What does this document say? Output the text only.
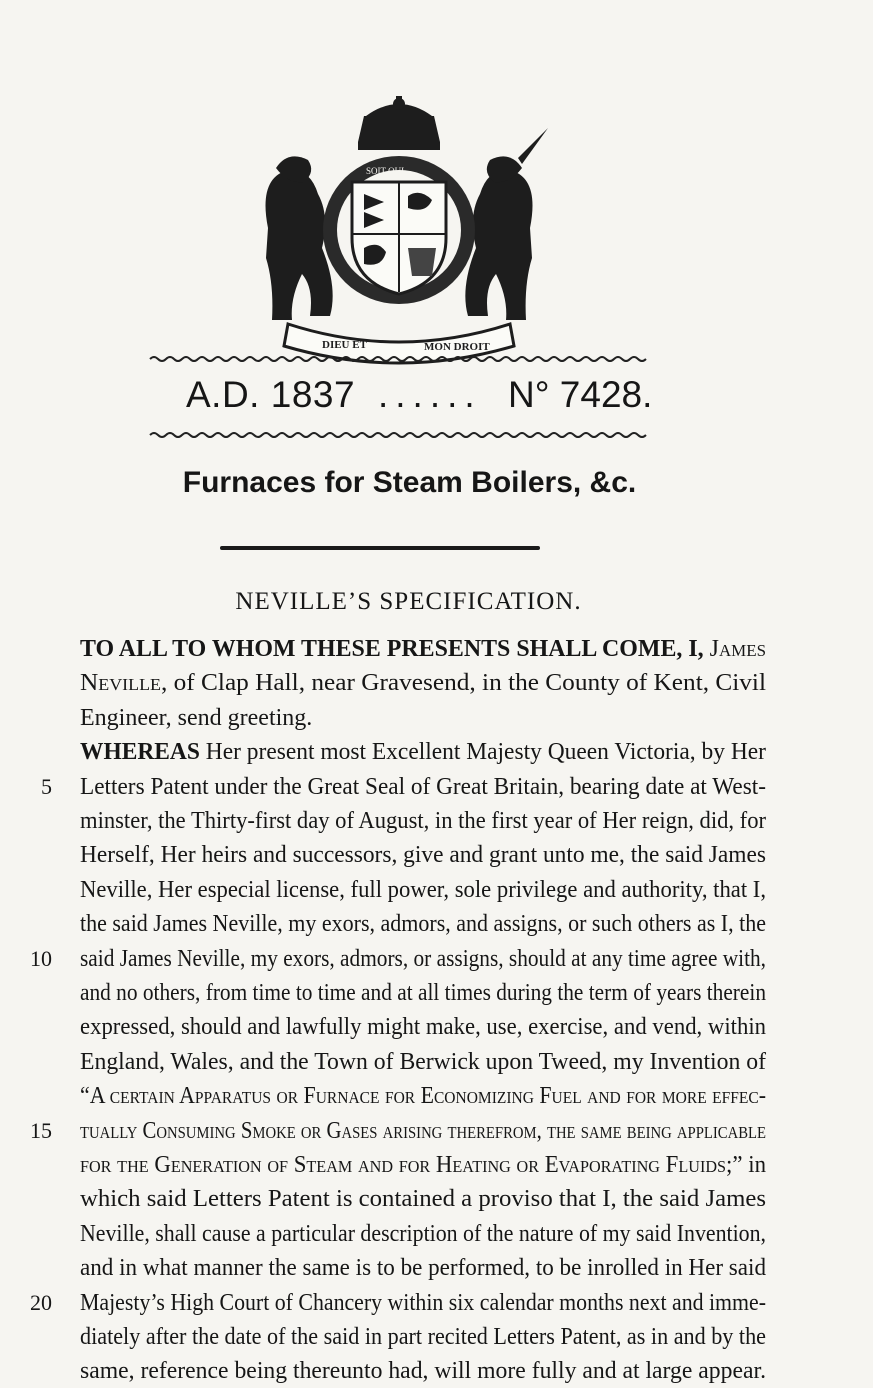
DIEU ET	MON DROIT
SOIT QUI
A.D. 1837 ...... N° 7428.
Furnaces for Steam Boilers, &c.
NEVILLE’S SPECIFICATION.
TO ALL TO WHOM THESE PRESENTS SHALL COME, I, James
Neville, of Clap Hall, near Gravesend, in the County of Kent, Civil
Engineer, send greeting.
WHEREAS Her present most Excellent Majesty Queen Victoria, by Her
5 Letters Patent under the Great Seal of Great Britain, bearing date at West-
minster, the Thirty-first day of August, in the first year of Her reign, did, for
Herself, Her heirs and successors, give and grant unto me, the said James
Neville, Her especial license, full power, sole privilege and authority, that I,
the said James Neville, my exors, admors, and assigns, or such others as I, the
10 said James Neville, my exors, admors, or assigns, should at any time agree with,
and no others, from time to time and at all times during the term of years therein
expressed, should and lawfully might make, use, exercise, and vend, within
England, Wales, and the Town of Berwick upon Tweed, my Invention of
“A certain Apparatus or Furnace for Economizing Fuel and for more effec-
15 tually Consuming Smoke or Gases arising therefrom, the same being applicable
for the Generation of Steam and for Heating or Evaporating Fluids;” in
which said Letters Patent is contained a proviso that I, the said James
Neville, shall cause a particular description of the nature of my said Invention,
and in what manner the same is to be performed, to be inrolled in Her said
20 Majesty’s High Court of Chancery within six calendar months next and imme-
diately after the date of the said in part recited Letters Patent, as in and by the
same, reference being thereunto had, will more fully and at large appear.
